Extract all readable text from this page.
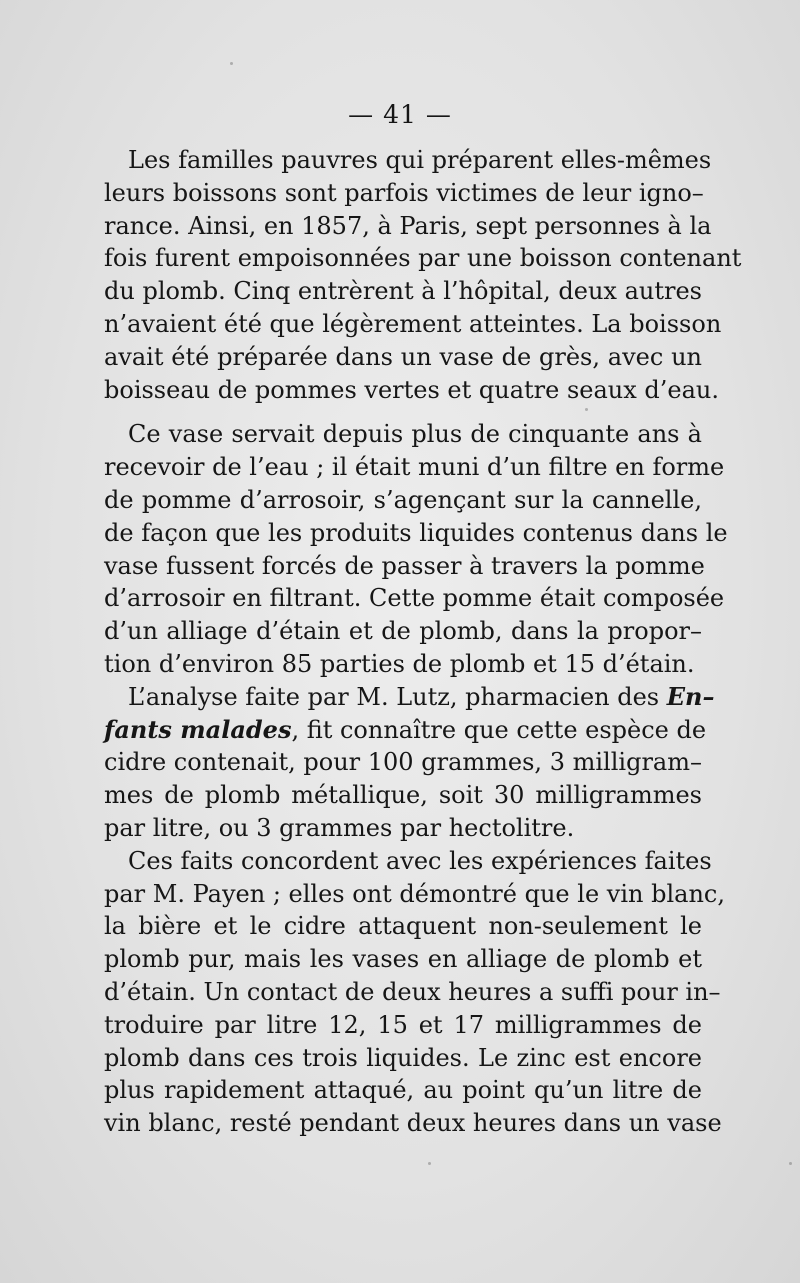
— 41 —

Les familles pauvres qui préparent elles-mêmes
leurs boissons sont parfois victimes de leur igno–
rance. Ainsi, en 1857, à Paris, sept personnes à la
fois furent empoisonnées par une boisson contenant
du plomb. Cinq entrèrent à l’hôpital, deux autres
n’avaient été que légèrement atteintes. La boisson
avait été préparée dans un vase de grès, avec un
boisseau de pommes vertes et quatre seaux d’eau.

Ce vase servait depuis plus de cinquante ans à
recevoir de l’eau ; il était muni d’un filtre en forme
de pomme d’arrosoir, s’agençant sur la cannelle,
de façon que les produits liquides contenus dans le
vase fussent forcés de passer à travers la pomme
d’arrosoir en filtrant. Cette pomme était composée
d’un alliage d’étain et de plomb, dans la propor–
tion d’environ 85 parties de plomb et 15 d’étain.

L’analyse faite par M. Lutz, pharmacien des En–
fants malades, fit connaître que cette espèce de
cidre contenait, pour 100 grammes, 3 milligram–
mes de plomb métallique, soit 30 milligrammes
par litre, ou 3 grammes par hectolitre.

Ces faits concordent avec les expériences faites
par M. Payen ; elles ont démontré que le vin blanc,
la bière et le cidre attaquent non-seulement le
plomb pur, mais les vases en alliage de plomb et
d’étain. Un contact de deux heures a suffi pour in–
troduire par litre 12, 15 et 17 milligrammes de
plomb dans ces trois liquides. Le zinc est encore
plus rapidement attaqué, au point qu’un litre de
vin blanc, resté pendant deux heures dans un vase
